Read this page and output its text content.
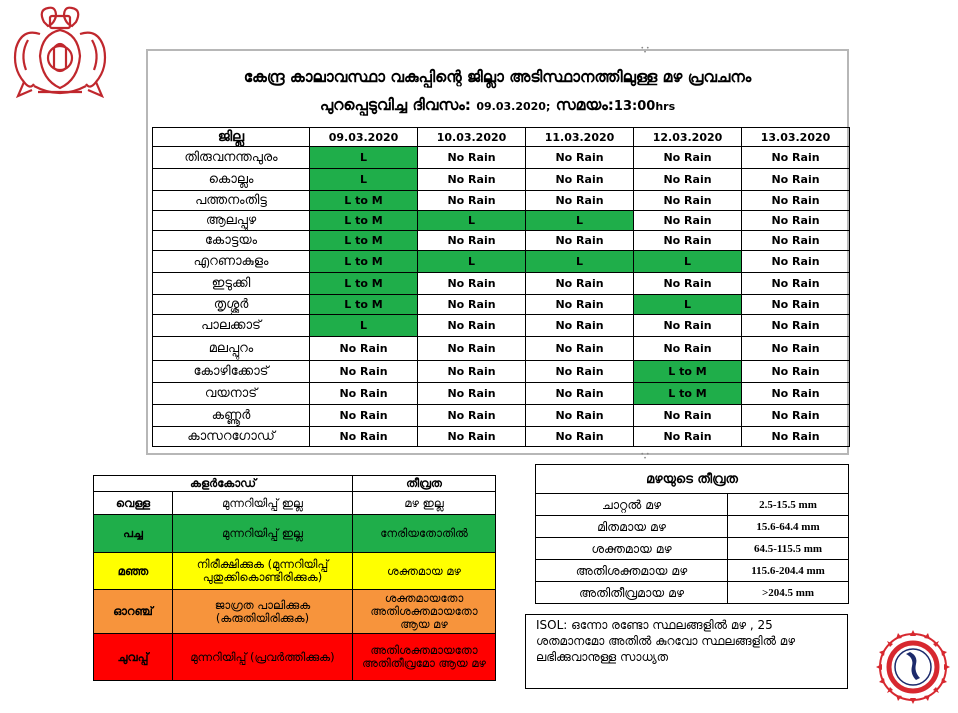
• • •
• • •
കേന്ദ്ര കാലാവസ്ഥാ വകുപ്പിന്റെ ജില്ലാ അടിസ്ഥാനത്തിലുള്ള മഴ പ്രവചനം
പുറപ്പെടുവിച്ച ദിവസം: 09.03.2020; സമയം:13:00hrs
ജില്ല	09.03.2020	10.03.2020	11.03.2020	12.03.2020	13.03.2020
തിരുവനന്തപുരം	L	No Rain	No Rain	No Rain	No Rain
കൊല്ലം	L	No Rain	No Rain	No Rain	No Rain
പത്തനംതിട്ട	L to M	No Rain	No Rain	No Rain	No Rain
ആലപ്പുഴ	L to M	L	L	No Rain	No Rain
കോട്ടയം	L to M	No Rain	No Rain	No Rain	No Rain
എറണാകുളം	L to M	L	L	L	No Rain
ഇടുക്കി	L to M	No Rain	No Rain	No Rain	No Rain
തൃശ്ശൂർ	L to M	No Rain	No Rain	L	No Rain
പാലക്കാട്	L	No Rain	No Rain	No Rain	No Rain
മലപ്പുറം	No Rain	No Rain	No Rain	No Rain	No Rain
കോഴിക്കോട്	No Rain	No Rain	No Rain	L to M	No Rain
വയനാട്	No Rain	No Rain	No Rain	L to M	No Rain
കണ്ണൂർ	No Rain	No Rain	No Rain	No Rain	No Rain
കാസറഗോഡ്	No Rain	No Rain	No Rain	No Rain	No Rain
കളർകോഡ്		തീവ്രത
വെള്ള	മുന്നറിയിപ്പ് ഇല്ല	മഴ ഇല്ല
പച്ച	മുന്നറിയിപ്പ് ഇല്ല	നേരിയതോതിൽ
മഞ്ഞ	നിരീക്ഷിക്കുക (മുന്നറിയിപ്പ് പുതുക്കികൊണ്ടിരിക്കുക)	ശക്തമായ മഴ
ഓറഞ്ച്	ജാഗ്രത പാലിക്കുക (കരുതിയിരിക്കുക)	ശക്തമായതോ അതിശക്തമായതോ ആയ മഴ
ചുവപ്പ്	മുന്നറിയിപ്പ് (പ്രവർത്തിക്കുക)	അതിശക്തമായതോ അതിതീവ്രമോ ആയ മഴ
മഴയുടെ തീവ്രത	
ചാറ്റൽ മഴ	2.5-15.5 mm
മിതമായ മഴ	15.6-64.4 mm
ശക്തമായ മഴ	64.5-115.5 mm
അതിശക്തമായ മഴ	115.6-204.4 mm
അതിതീവ്രമായ മഴ	>204.5 mm
ISOL: ഒന്നോ രണ്ടോ സ്ഥലങ്ങളിൽ മഴ , 25 ശതമാനമോ അതിൽ കുറവോ സ്ഥലങ്ങളിൽ മഴ ലഭിക്കുവാനുള്ള സാധ്യത
